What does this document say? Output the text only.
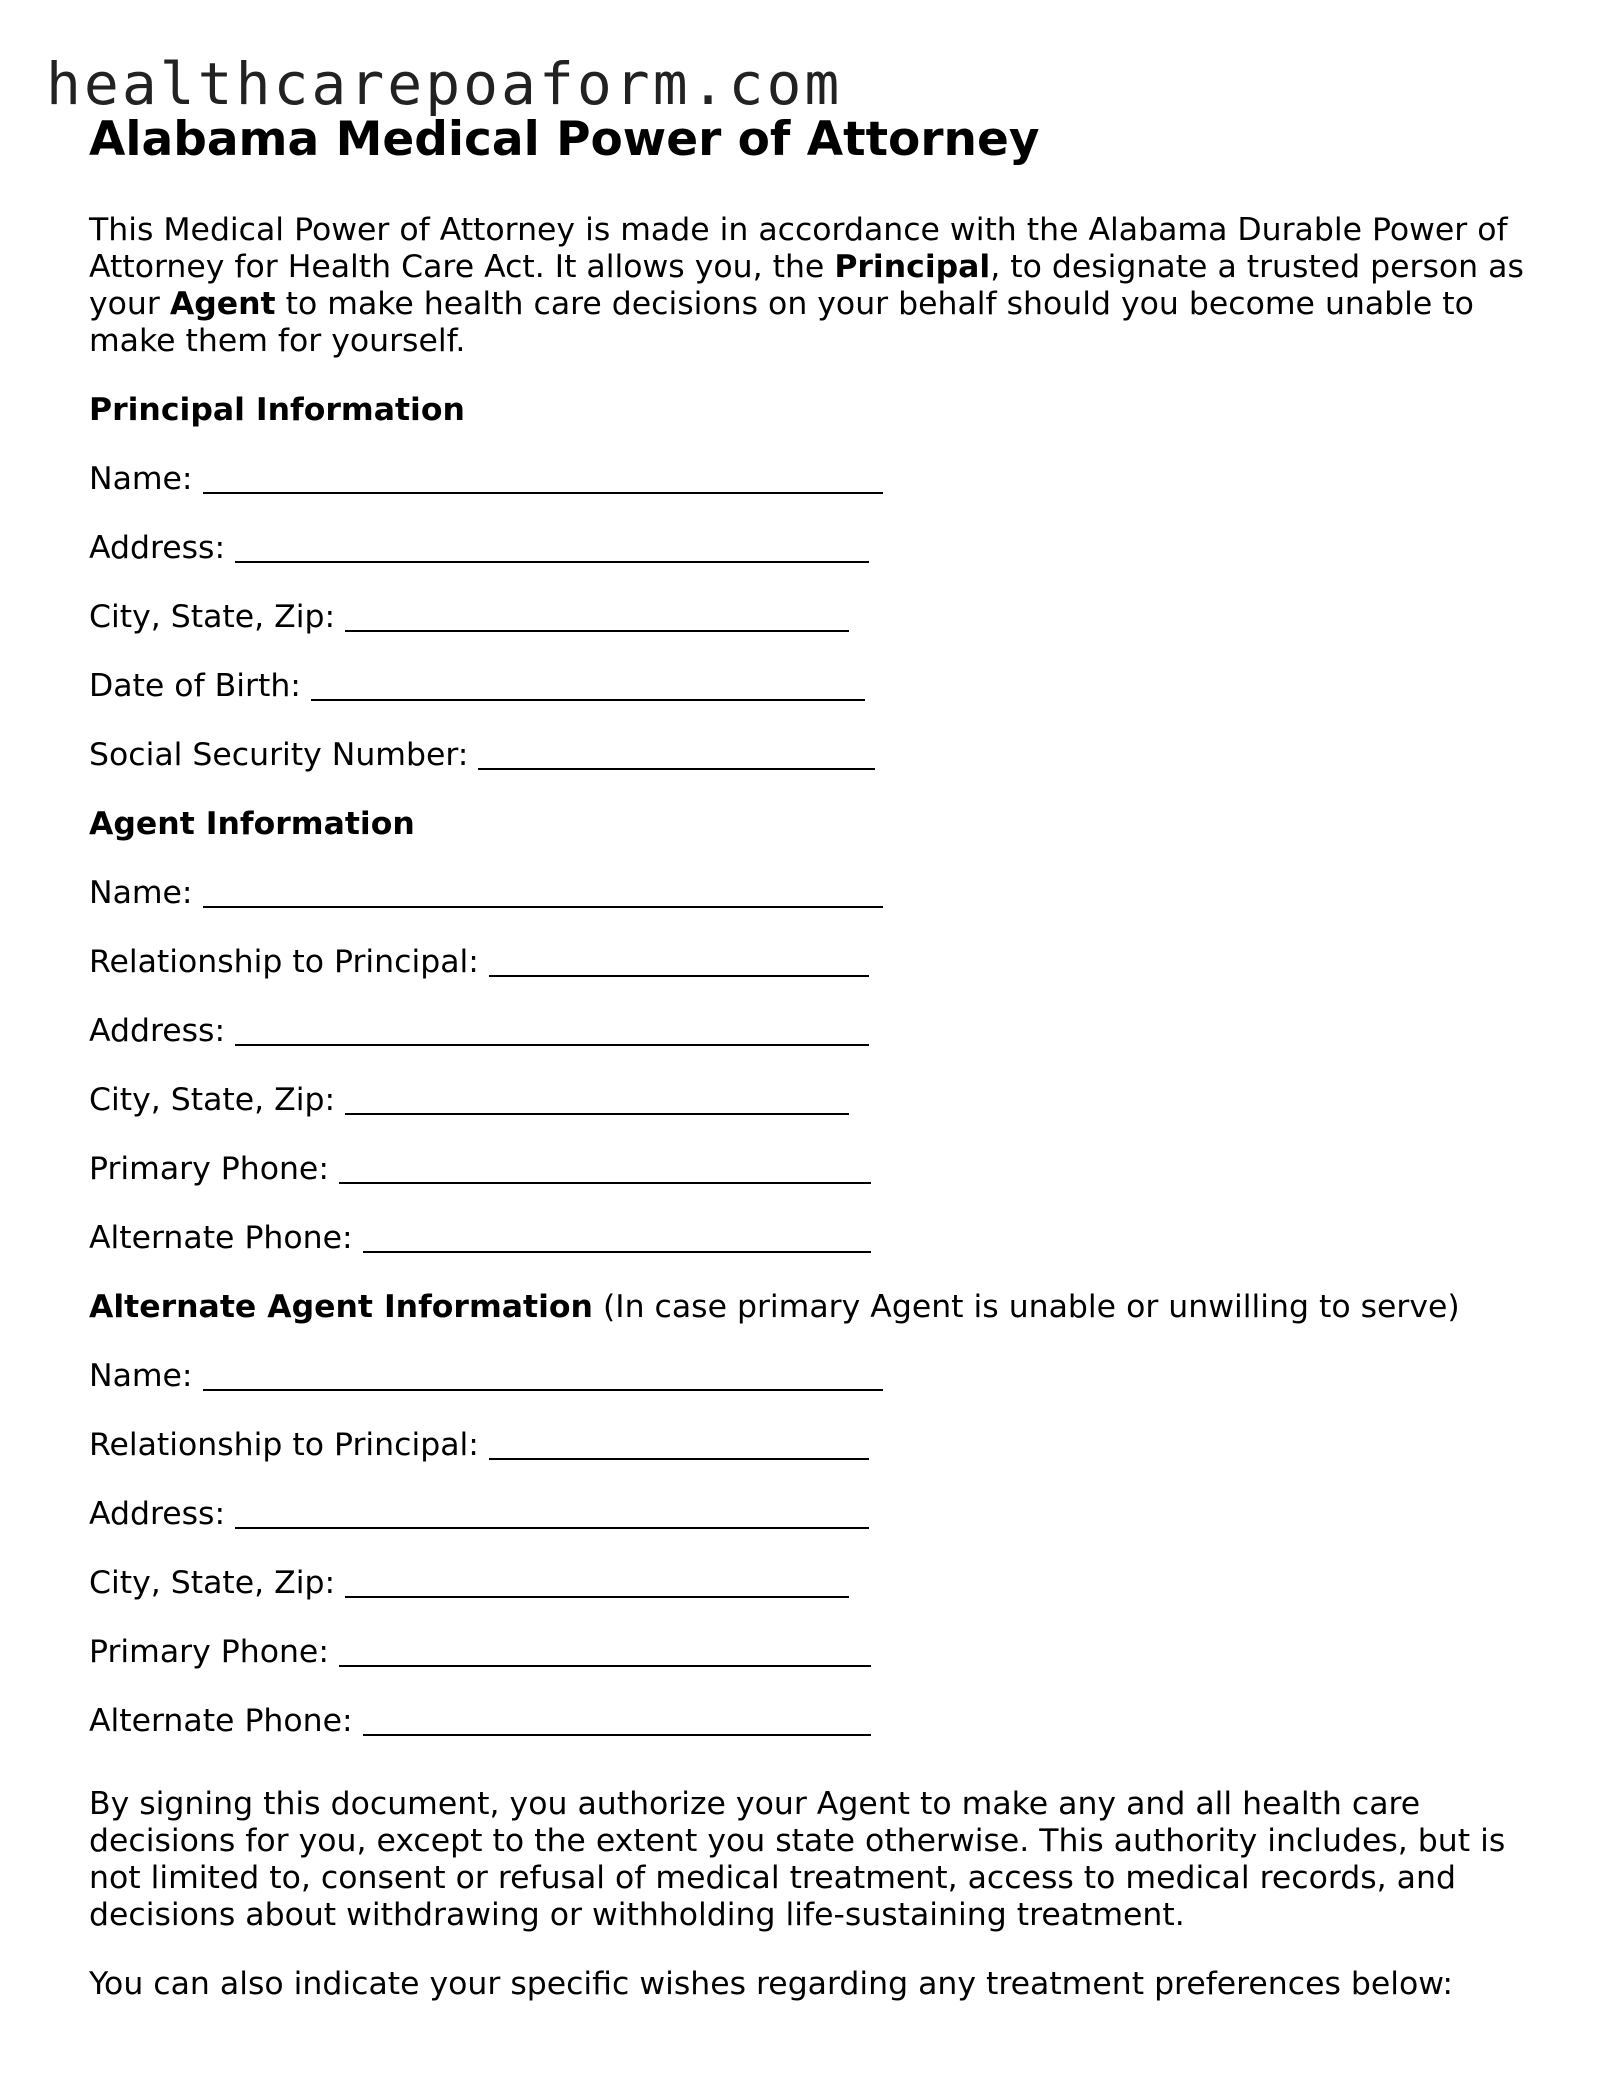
healthcarepoaform.com
Alabama Medical Power of Attorney

This Medical Power of Attorney is made in accordance with the Alabama Durable Power of Attorney for Health Care Act. It allows you, the Principal, to designate a trusted person as your Agent to make health care decisions on your behalf should you become unable to make them for yourself.

Principal Information
Name:
Address:
City, State, Zip:
Date of Birth:
Social Security Number:
Agent Information
Name:
Relationship to Principal:
Address:
City, State, Zip:
Primary Phone:
Alternate Phone:
Alternate Agent Information (In case primary Agent is unable or unwilling to serve)
Name:
Relationship to Principal:
Address:
City, State, Zip:
Primary Phone:
Alternate Phone:

By signing this document, you authorize your Agent to make any and all health care decisions for you, except to the extent you state otherwise. This authority includes, but is not limited to, consent or refusal of medical treatment, access to medical records, and decisions about withdrawing or withholding life-sustaining treatment.

You can also indicate your specific wishes regarding any treatment preferences below:
